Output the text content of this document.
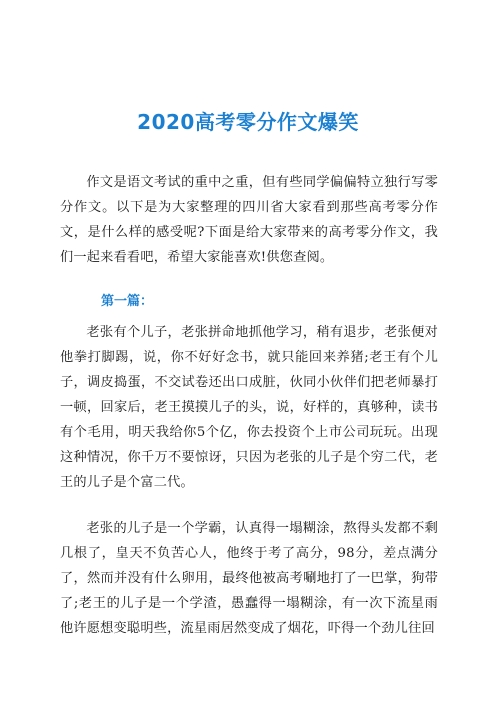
2020高考零分作文爆笑

作文是语文考试的重中之重，但有些同学偏偏特立独行写零分作文。以下是为大家整理的四川省大家看到那些高考零分作文，是什么样的感受呢?下面是给大家带来的高考零分作文，我们一起来看看吧，希望大家能喜欢!供您查阅。

第一篇：

老张有个儿子，老张拼命地抓他学习，稍有退步，老张便对他拳打脚踢，说，你不好好念书，就只能回来养猪;老王有个儿子，调皮捣蛋，不交试卷还出口成脏，伙同小伙伴们把老师暴打一顿，回家后，老王摸摸儿子的头，说，好样的，真够种，读书有个毛用，明天我给你5个亿，你去投资个上市公司玩玩。出现这种情况，你千万不要惊讶，只因为老张的儿子是个穷二代，老王的儿子是个富二代。

老张的儿子是一个学霸，认真得一塌糊涂，熬得头发都不剩几根了，皇天不负苦心人，他终于考了高分，98分，差点满分了，然而并没有什么卵用，最终他被高考唰地打了一巴掌，狗带了;老王的儿子是一个学渣，愚蠢得一塌糊涂，有一次下流星雨他许愿想变聪明些，流星雨居然变成了烟花，吓得一个劲儿往回
